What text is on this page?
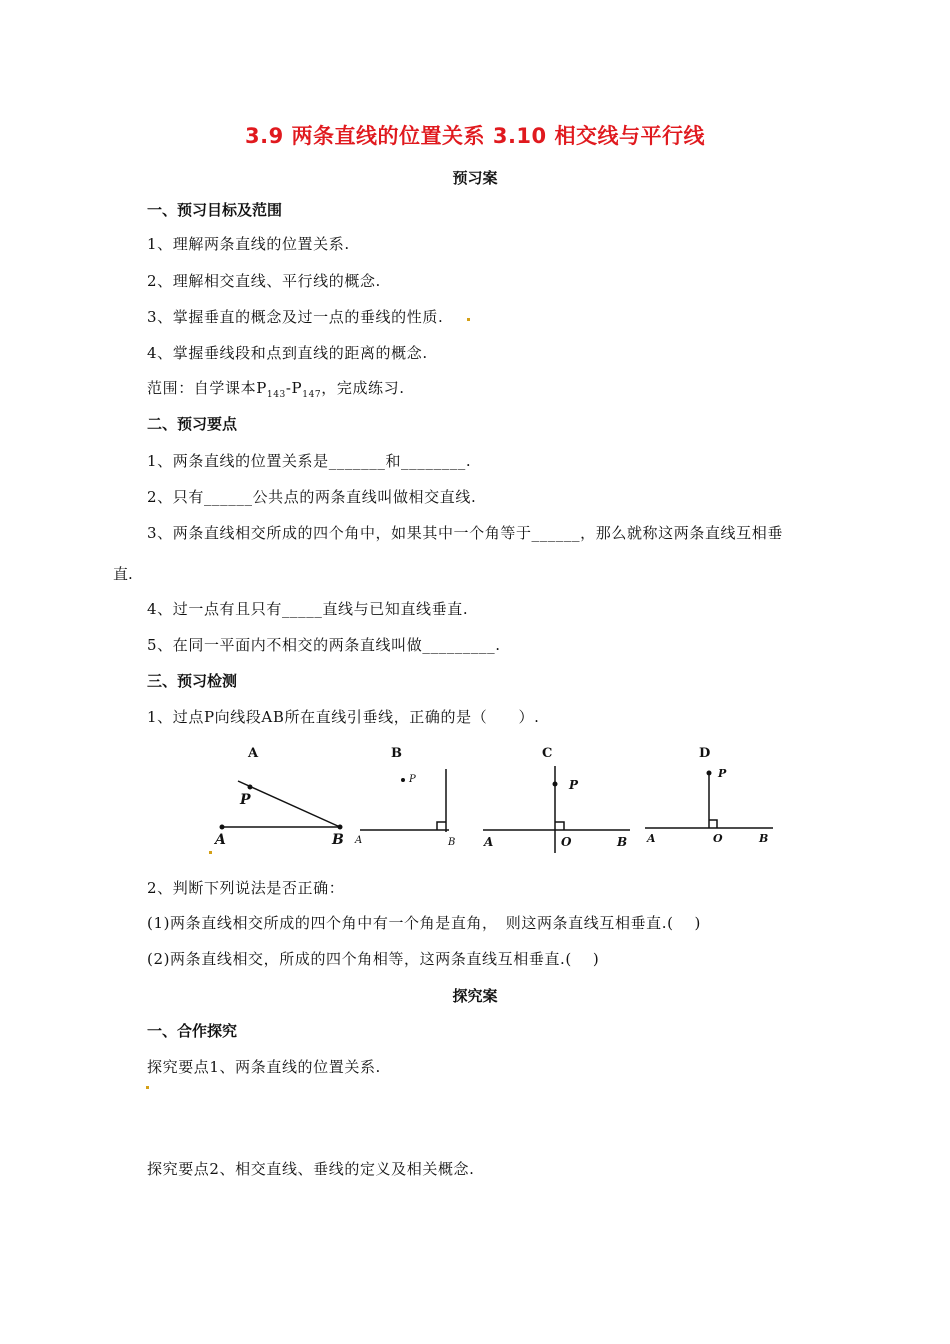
3.9 两条直线的位置关系 3.10 相交线与平行线
预习案
一、预习目标及范围
1、理解两条直线的位置关系.
2、理解相交直线、平行线的概念.
3、掌握垂直的概念及过一点的垂线的性质.
4、掌握垂线段和点到直线的距离的概念.
范围：自学课本$P_{143}-P_{147}$，完成练习.
二、预习要点
1、两条直线的位置关系是_______和________.
2、只有______公共点的两条直线叫做相交直线.
3、两条直线相交所成的四个角中，如果其中一个角等于______，那么就称这两条直线互相垂
直.
4、过一点有且只有_____直线与已知直线垂直.
5、在同一平面内不相交的两条直线叫做_________.
三、预习检测
1、过点P向线段AB所在直线引垂线，正确的是（　　）.
A	B	C	D
P
A	B
P
A	B
P
A	O	B
P
A	O	B
2、判断下列说法是否正确：
(1)两条直线相交所成的四个角中有一个角是直角，　则这两条直线互相垂直.(　 )
(2)两条直线相交，所成的四个角相等，这两条直线互相垂直.(　 )
探究案
一、合作探究
探究要点1、两条直线的位置关系.
探究要点2、相交直线、垂线的定义及相关概念.
